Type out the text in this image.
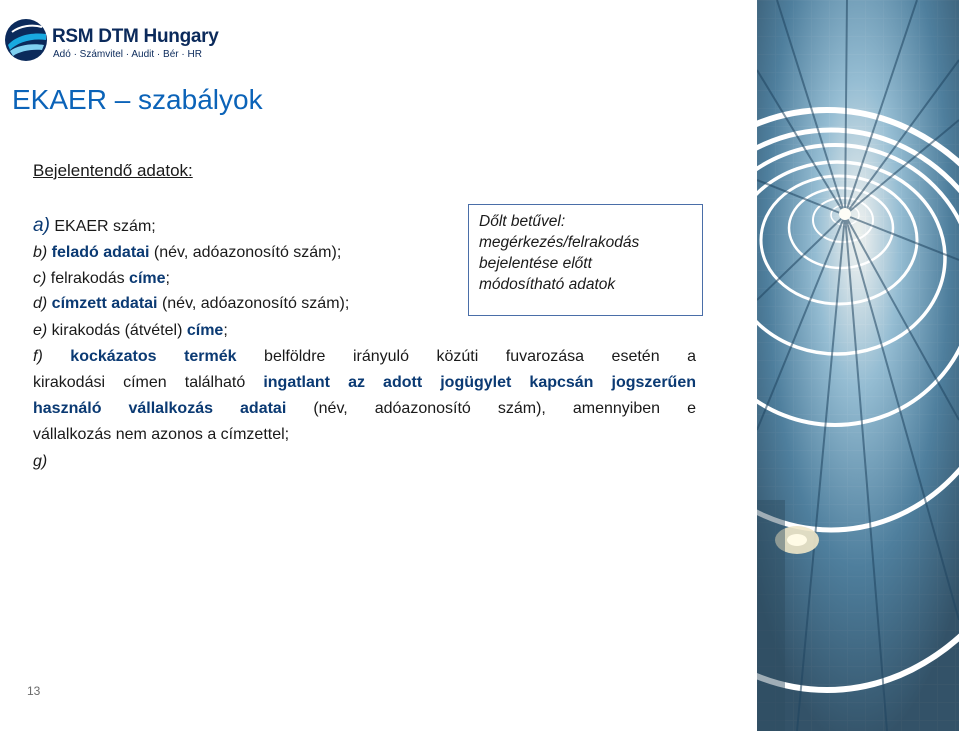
RSM DTM Hungary
Adó · Számvitel · Audit · Bér · HR
EKAER – szabályok
Bejelentendő adatok:
a) EKAER szám;
b) feladó adatai (név, adóazonosító szám);
c) felrakodás címe;
d) címzett adatai (név, adóazonosító szám);
e) kirakodás (átvétel) címe;
f) kockázatos termék belföldre irányuló közúti fuvarozása esetén a
kirakodási címen található ingatlant az adott jogügylet kapcsán jogszerűen
használó vállalkozás adatai (név, adóazonosító szám), amennyiben e
vállalkozás nem azonos a címzettel;
g)
Dőlt betűvel:
megérkezés/felrakodás
bejelentése előtt
módosítható adatok
13
